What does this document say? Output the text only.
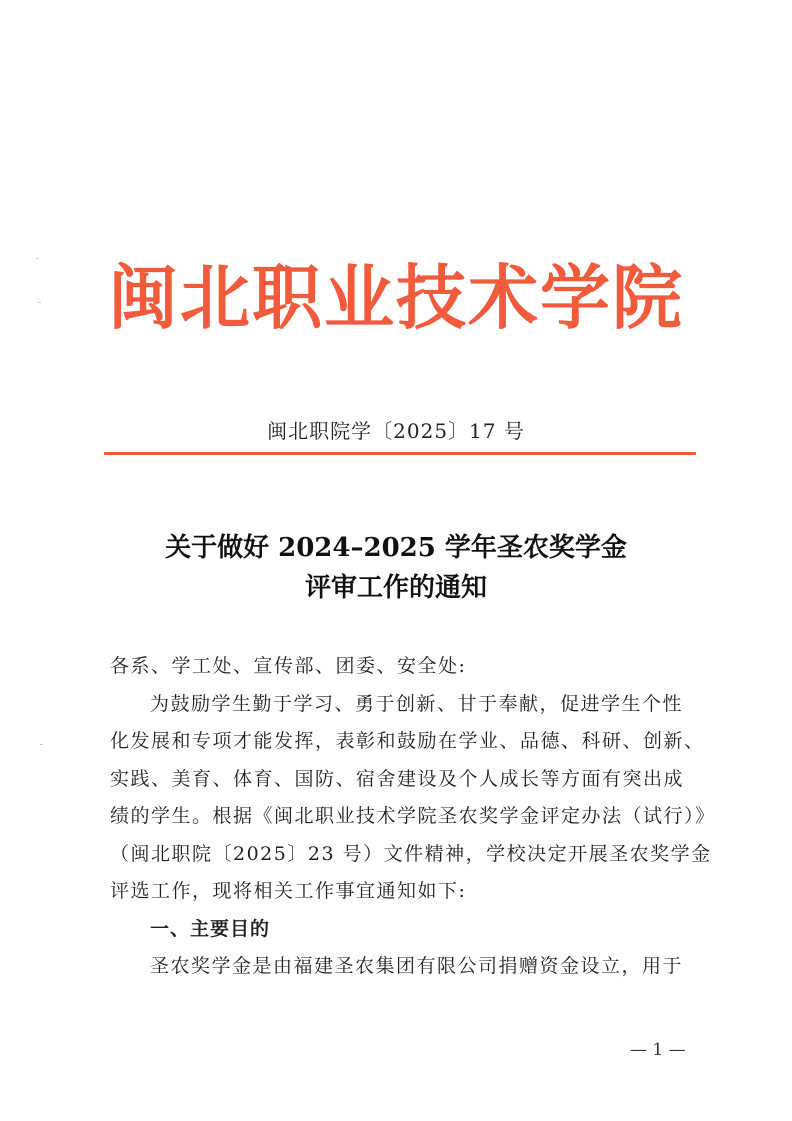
闽北职业技术学院
闽北职院学〔2025〕17 号
关于做好 2024–2025 学年圣农奖学金
评审工作的通知
各系、学工处、宣传部、团委、安全处:
为鼓励学生勤于学习、勇于创新、甘于奉献，促进学生个性
化发展和专项才能发挥，表彰和鼓励在学业、品德、科研、创新、
实践、美育、体育、国防、宿舍建设及个人成长等方面有突出成
绩的学生。根据《闽北职业技术学院圣农奖学金评定办法（试行）》
（闽北职院〔2025〕23 号）文件精神，学校决定开展圣农奖学金
评选工作，现将相关工作事宜通知如下:
一、主要目的
圣农奖学金是由福建圣农集团有限公司捐赠资金设立，用于
— 1 —
